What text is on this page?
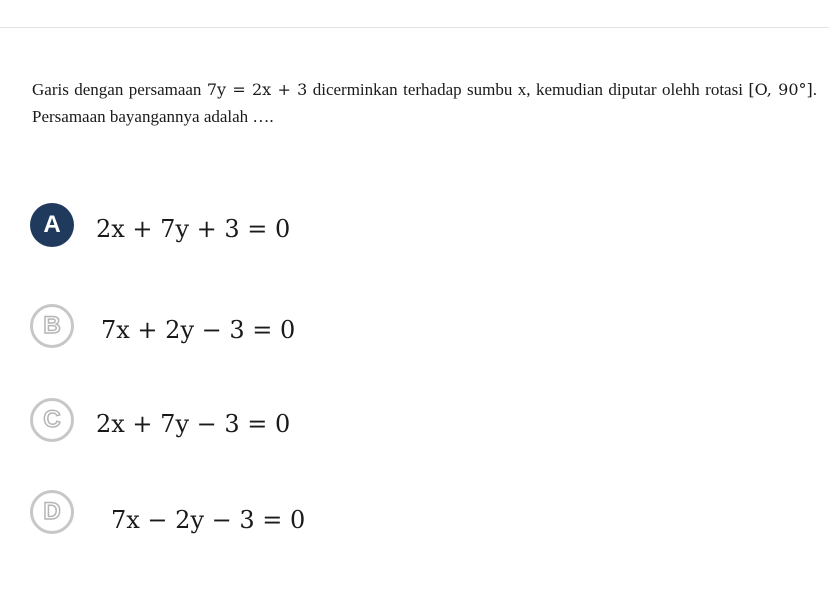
Garis dengan persamaan 7y = 2x + 3 dicerminkan terhadap sumbu x, kemudian diputar olehh rotasi [O, 90°]. Persamaan bayangannya adalah ….
A 2x + 7y + 3 = 0
B 7x + 2y − 3 = 0
C 2x + 7y − 3 = 0
D 7x − 2y − 3 = 0
